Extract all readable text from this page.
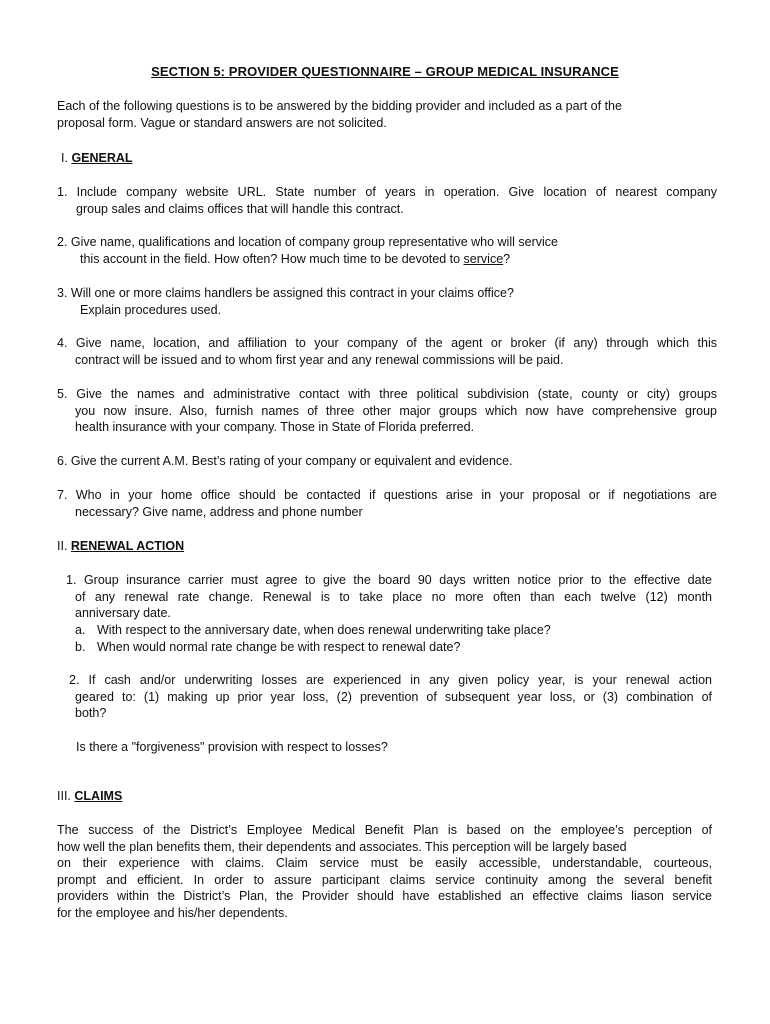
SECTION 5: PROVIDER QUESTIONNAIRE – GROUP MEDICAL INSURANCE
Each of the following questions is to be answered by the bidding provider and included as a part of the
proposal form. Vague or standard answers are not solicited.
I. GENERAL
1. Include company website URL. State number of years in operation. Give location of nearest company
group sales and claims offices that will handle this contract.
2. Give name, qualifications and location of company group representative who will service
this account in the field. How often? How much time to be devoted to service?
3. Will one or more claims handlers be assigned this contract in your claims office?
Explain procedures used.
4. Give name, location, and affiliation to your company of the agent or broker (if any) through which this
contract will be issued and to whom first year and any renewal commissions will be paid.
5. Give the names and administrative contact with three political subdivision (state, county or city) groups
you now insure. Also, furnish names of three other major groups which now have comprehensive group
health insurance with your company. Those in State of Florida preferred.
6. Give the current A.M. Best’s rating of your company or equivalent and evidence.
7. Who in your home office should be contacted if questions arise in your proposal or if negotiations are
necessary? Give name, address and phone number
II. RENEWAL ACTION
1. Group insurance carrier must agree to give the board 90 days written notice prior to the effective date
of any renewal rate change. Renewal is to take place no more often than each twelve (12) month
anniversary date.
a. With respect to the anniversary date, when does renewal underwriting take place?
b. When would normal rate change be with respect to renewal date?
2. If cash and/or underwriting losses are experienced in any given policy year, is your renewal action
geared to: (1) making up prior year loss, (2) prevention of subsequent year loss, or (3) combination of
both?
Is there a "forgiveness" provision with respect to losses?
III. CLAIMS
The success of the District’s Employee Medical Benefit Plan is based on the employee’s perception of
how well the plan benefits them, their dependents and associates. This perception will be largely based
on their experience with claims. Claim service must be easily accessible, understandable, courteous,
prompt and efficient. In order to assure participant claims service continuity among the several benefit
providers within the District’s Plan, the Provider should have established an effective claims liason service
for the employee and his/her dependents.
